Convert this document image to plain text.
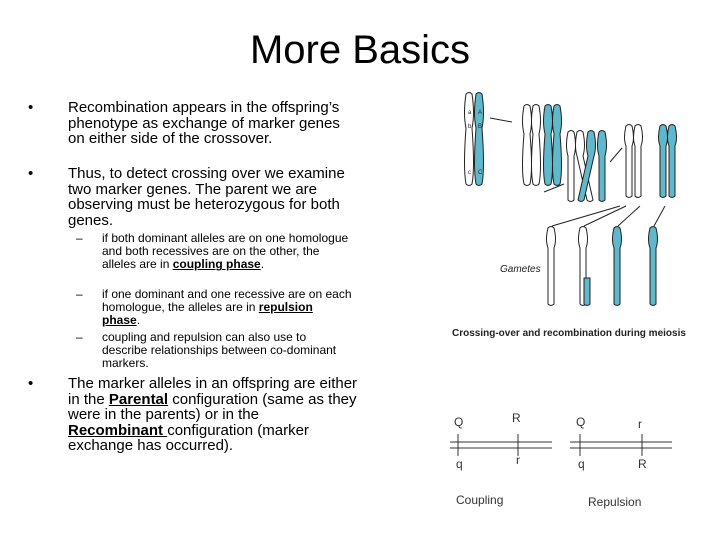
More Basics
• Recombination appears in the offspring’s phenotype as exchange of marker genes on either side of the crossover.
• Thus, to detect crossing over we examine two marker genes. The parent we are observing must be heterozygous for both genes.
– if both dominant alleles are on one homologue and both recessives are on the other, the alleles are in coupling phase.
– if one dominant and one recessive are on each homologue, the alleles are in repulsion phase.
– coupling and repulsion can also use to describe relationships between co-dominant markers.
• The marker alleles in an offspring are either in the Parental configuration (same as they were in the parents) or in the Recombinant configuration (marker exchange has occurred).
a
b
c
A
B
C
Gametes
Crossing-over and recombination during meiosis
Q	R
q	r
Q	r
q	R
Coupling	Repulsion
